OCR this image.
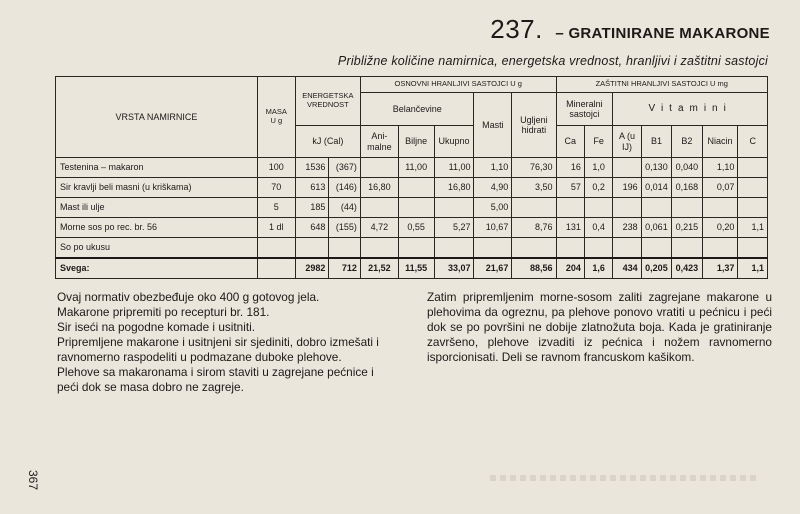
237. – GRATINIRANE MAKARONE
Približne količine namirnica, energetska vrednost, hranljivi i zaštitni sastojci
VRSTA NAMIRNICE	MASA
U g	ENERGETSKA VREDNOST		OSNOVNI HRANLJIVI SASTOJCI U g					ZAŠTITNI HRANLJIVI SASTOJCI U mg						
				Belančevine			Masti	Ugljeni hidrati	Mineralni sastojci		Vitamini				
		kJ (Cal)		Ani- malne	Biljne	Ukupno			Ca	Fe	A (u IJ)	B1	B2	Niacin	C
Testenina – makaron	100	1536	(367)		11,00	11,00	1,10	76,30	16	1,0		0,130	0,040	1,10	
Sir kravlji beli masni (u kriškama)	70	613	(146)	16,80		16,80	4,90	3,50	57	0,2	196	0,014	0,168	0,07	
Mast ili ulje	5	185	(44)				5,00								
Morne sos po rec. br. 56	1 dl	648	(155)	4,72	0,55	5,27	10,67	8,76	131	0,4	238	0,061	0,215	0,20	1,1
So po ukusu															
Svega:		2982	712	21,52	11,55	33,07	21,67	88,56	204	1,6	434	0,205	0,423	1,37	1,1

Ovaj normativ obezbeđuje oko 400 g gotovog jela.

Makarone pripremiti po recepturi br. 181.

Sir iseći na pogodne komade i usitniti.

Pripremljene makarone i usitnjeni sir sjediniti, dobro izmešati i ravnomerno raspodeliti u podmazane duboke plehove. Plehove sa makaronama i sirom staviti u zagrejane pećnice i peći dok se masa dobro ne zagreje.

Zatim pripremljenim morne-sosom zaliti zagrejane makarone u plehovima da ogreznu, pa plehove ponovo vratiti u pećnicu i peći dok se po površini ne dobije zlatnožuta boja. Kada je gratiniranje završeno, plehove izvaditi iz pećnica i nožem ravnomerno isporcionisati. Deli se ravnom francuskom kašikom.

367
